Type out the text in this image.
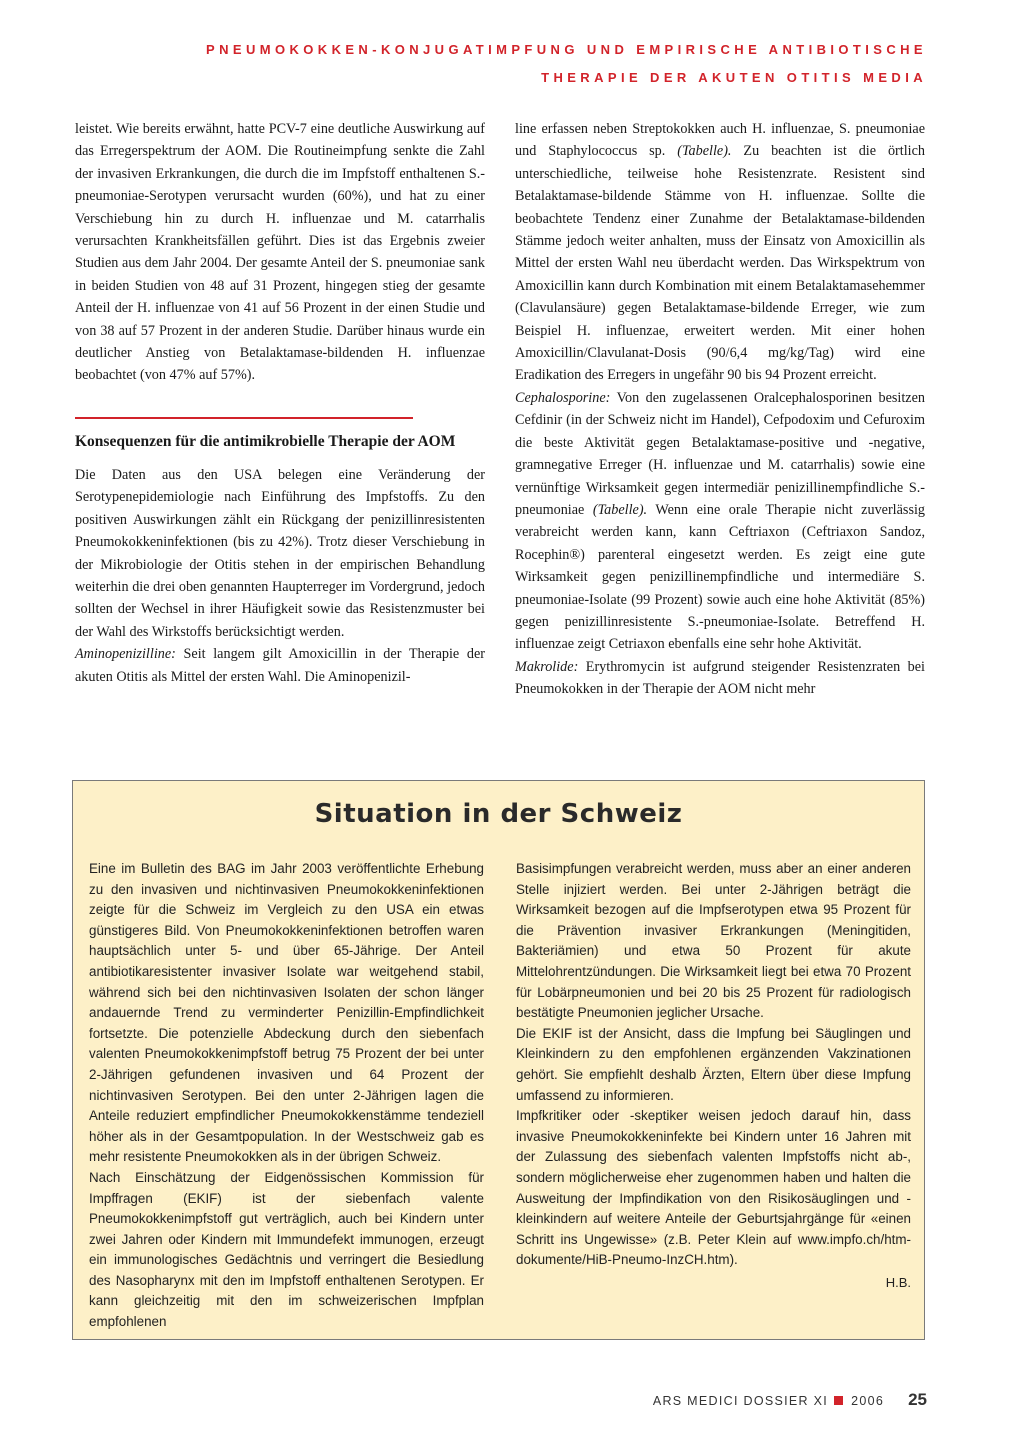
PNEUMOKOKKEN-KONJUGATIMPFUNG UND EMPIRISCHE ANTIBIOTISCHE
THERAPIE DER AKUTEN OTITIS MEDIA

leistet. Wie bereits erwähnt, hatte PCV-7 eine deutliche Auswirkung auf das Erregerspektrum der AOM. Die Routineimpfung senkte die Zahl der invasiven Erkrankungen, die durch die im Impfstoff enthaltenen S.-pneumoniae-Serotypen verursacht wurden (60%), und hat zu einer Verschiebung hin zu durch H. influenzae und M. catarrhalis verursachten Krankheitsfällen geführt. Dies ist das Ergebnis zweier Studien aus dem Jahr 2004. Der gesamte Anteil der S. pneumoniae sank in beiden Studien von 48 auf 31 Prozent, hingegen stieg der gesamte Anteil der H. influenzae von 41 auf 56 Prozent in der einen Studie und von 38 auf 57 Prozent in der anderen Studie. Darüber hinaus wurde ein deutlicher Anstieg von Betalaktamase-bildenden H. influenzae beobachtet (von 47% auf 57%).

Konsequenzen für die antimikrobielle Therapie der AOM

Die Daten aus den USA belegen eine Veränderung der Serotypenepidemiologie nach Einführung des Impfstoffs. Zu den positiven Auswirkungen zählt ein Rückgang der penizillinresistenten Pneumokokkeninfektionen (bis zu 42%). Trotz dieser Verschiebung in der Mikrobiologie der Otitis stehen in der empirischen Behandlung weiterhin die drei oben genannten Haupterreger im Vordergrund, jedoch sollten der Wechsel in ihrer Häufigkeit sowie das Resistenzmuster bei der Wahl des Wirkstoffs berücksichtigt werden.

Aminopenizilline: Seit langem gilt Amoxicillin in der Therapie der akuten Otitis als Mittel der ersten Wahl. Die Aminopenizil-

line erfassen neben Streptokokken auch H. influenzae, S. pneumoniae und Staphylococcus sp. (Tabelle). Zu beachten ist die örtlich unterschiedliche, teilweise hohe Resistenzrate. Resistent sind Betalaktamase-bildende Stämme von H. influenzae. Sollte die beobachtete Tendenz einer Zunahme der Betalaktamase-bildenden Stämme jedoch weiter anhalten, muss der Einsatz von Amoxicillin als Mittel der ersten Wahl neu überdacht werden. Das Wirkspektrum von Amoxicillin kann durch Kombination mit einem Betalaktamasehemmer (Clavulansäure) gegen Betalaktamase-bildende Erreger, wie zum Beispiel H. influenzae, erweitert werden. Mit einer hohen Amoxicillin/Clavulanat-Dosis (90/6,4 mg/kg/Tag) wird eine Eradikation des Erregers in ungefähr 90 bis 94 Prozent erreicht.

Cephalosporine: Von den zugelassenen Oralcephalosporinen besitzen Cefdinir (in der Schweiz nicht im Handel), Cefpodoxim und Cefuroxim die beste Aktivität gegen Betalaktamase-positive und -negative, gramnegative Erreger (H. influenzae und M. catarrhalis) sowie eine vernünftige Wirksamkeit gegen intermediär penizillinempfindliche S.-pneumoniae (Tabelle). Wenn eine orale Therapie nicht zuverlässig verabreicht werden kann, kann Ceftriaxon (Ceftriaxon Sandoz, Rocephin®) parenteral eingesetzt werden. Es zeigt eine gute Wirksamkeit gegen penizillinempfindliche und intermediäre S. pneumoniae-Isolate (99 Prozent) sowie auch eine hohe Aktivität (85%) gegen penizillinresistente S.-pneumoniae-Isolate. Betreffend H. influenzae zeigt Cetriaxon ebenfalls eine sehr hohe Aktivität.

Makrolide: Erythromycin ist aufgrund steigender Resistenzraten bei Pneumokokken in der Therapie der AOM nicht mehr

Situation in der Schweiz

Eine im Bulletin des BAG im Jahr 2003 veröffentlichte Erhebung zu den invasiven und nichtinvasiven Pneumokokkeninfektionen zeigte für die Schweiz im Vergleich zu den USA ein etwas günstigeres Bild. Von Pneumokokkeninfektionen betroffen waren hauptsächlich unter 5- und über 65-Jährige. Der Anteil antibiotikaresistenter invasiver Isolate war weitgehend stabil, während sich bei den nichtinvasiven Isolaten der schon länger andauernde Trend zu verminderter Penizillin-Empfindlichkeit fortsetzte. Die potenzielle Abdeckung durch den siebenfach valenten Pneumokokkenimpfstoff betrug 75 Prozent der bei unter 2-Jährigen gefundenen invasiven und 64 Prozent der nichtinvasiven Serotypen. Bei den unter 2-Jährigen lagen die Anteile reduziert empfindlicher Pneumokokkenstämme tendeziell höher als in der Gesamtpopulation. In der Westschweiz gab es mehr resistente Pneumokokken als in der übrigen Schweiz.

Nach Einschätzung der Eidgenössischen Kommission für Impffragen (EKIF) ist der siebenfach valente Pneumokokkenimpfstoff gut verträglich, auch bei Kindern unter zwei Jahren oder Kindern mit Immundefekt immunogen, erzeugt ein immunologisches Gedächtnis und verringert die Besiedlung des Nasopharynx mit den im Impfstoff enthaltenen Serotypen. Er kann gleichzeitig mit den im schweizerischen Impfplan empfohlenen

Basisimpfungen verabreicht werden, muss aber an einer anderen Stelle injiziert werden. Bei unter 2-Jährigen beträgt die Wirksamkeit bezogen auf die Impfserotypen etwa 95 Prozent für die Prävention invasiver Erkrankungen (Meningitiden, Bakteriämien) und etwa 50 Prozent für akute Mittelohrentzündungen. Die Wirksamkeit liegt bei etwa 70 Prozent für Lobärpneumonien und bei 20 bis 25 Prozent für radiologisch bestätigte Pneumonien jeglicher Ursache.

Die EKIF ist der Ansicht, dass die Impfung bei Säuglingen und Kleinkindern zu den empfohlenen ergänzenden Vakzinationen gehört. Sie empfiehlt deshalb Ärzten, Eltern über diese Impfung umfassend zu informieren.

Impfkritiker oder -skeptiker weisen jedoch darauf hin, dass invasive Pneumokokkeninfekte bei Kindern unter 16 Jahren mit der Zulassung des siebenfach valenten Impfstoffs nicht ab-, sondern möglicherweise eher zugenommen haben und halten die Ausweitung der Impfindikation von den Risikosäuglingen und -kleinkindern auf weitere Anteile der Geburtsjahrgänge für «einen Schritt ins Ungewisse» (z.B. Peter Klein auf www.impfo.ch/htm-dokumente/HiB-Pneumo-InzCH.htm).

H.B.
ARS MEDICI DOSSIER XI 2006 25
